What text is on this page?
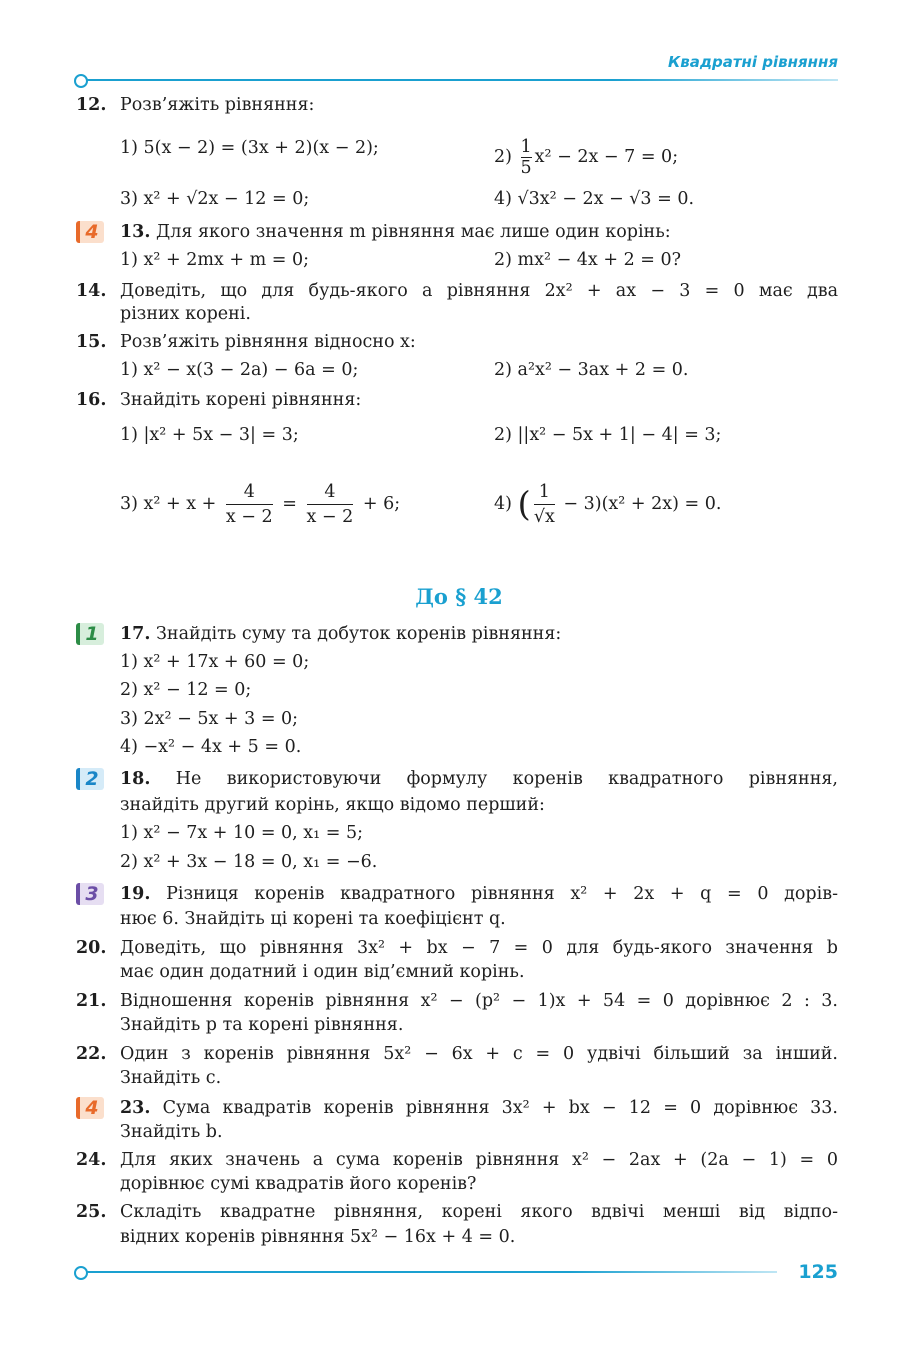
Квадратні рівняння
12. Розв’яжіть рівняння:
1) 5(x − 2) = (3x + 2)(x − 2);	$2) \frac{1}{5} x^2 - 2x - 7 = 0$;
3) x² + √2x − 12 = 0;	4) √3x² − 2x − √3 = 0.
4	13. Для якого значення m рівняння має лише один корінь:
1) x² + 2mx + m = 0;	2) mx² − 4x + 2 = 0?
14. Доведіть, що для будь-якого a рівняння 2x² + ax − 3 = 0 має два
різних корені.
15. Розв’яжіть рівняння відносно x:
1) x² − x(3 − 2a) − 6a = 0;	2) a²x² − 3ax + 2 = 0.
16. Знайдіть корені рівняння:
1) |x² + 5x − 3| = 3;	2) ||x² − 5x + 1| − 4| = 3;
3) $x^2 + x + \frac{4}{x - 2} = \frac{4}{x - 2} + 6$;	4) ( $\frac{1}{√x} - 3)(x^2 + 2x) = 0$.
До § 42
1	17. Знайдіть суму та добуток коренів рівняння:
1) x² + 17x + 60 = 0;
2) x² − 12 = 0;
3) 2x² − 5x + 3 = 0;
4) −x² − 4x + 5 = 0.
2	18. Не використовуючи формулу коренів квадратного рівняння,
знайдіть другий корінь, якщо відомо перший:
1) x² − 7x + 10 = 0, x₁ = 5;
2) x² + 3x − 18 = 0, x₁ = −6.
3	19. Різниця коренів квадратного рівняння x² + 2x + q = 0 дорів-
нює 6. Знайдіть ці корені та коефіцієнт q.
20. Доведіть, що рівняння 3x² + bx − 7 = 0 для будь-якого значення b
має один додатний і один від’ємний корінь.
21. Відношення коренів рівняння x² − (p² − 1)x + 54 = 0 дорівнює 2 : 3.
Знайдіть p та корені рівняння.
22. Один з коренів рівняння 5x² − 6x + c = 0 удвічі більший за інший.
Знайдіть c.
4	23. Сума квадратів коренів рівняння 3x² + bx − 12 = 0 дорівнює 33.
Знайдіть b.
24. Для яких значень a сума коренів рівняння x² − 2ax + (2a − 1) = 0
дорівнює сумі квадратів його коренів?
25. Складіть квадратне рівняння, корені якого вдвічі менші від відпо-
відних коренів рівняння 5x² − 16x + 4 = 0.
125
